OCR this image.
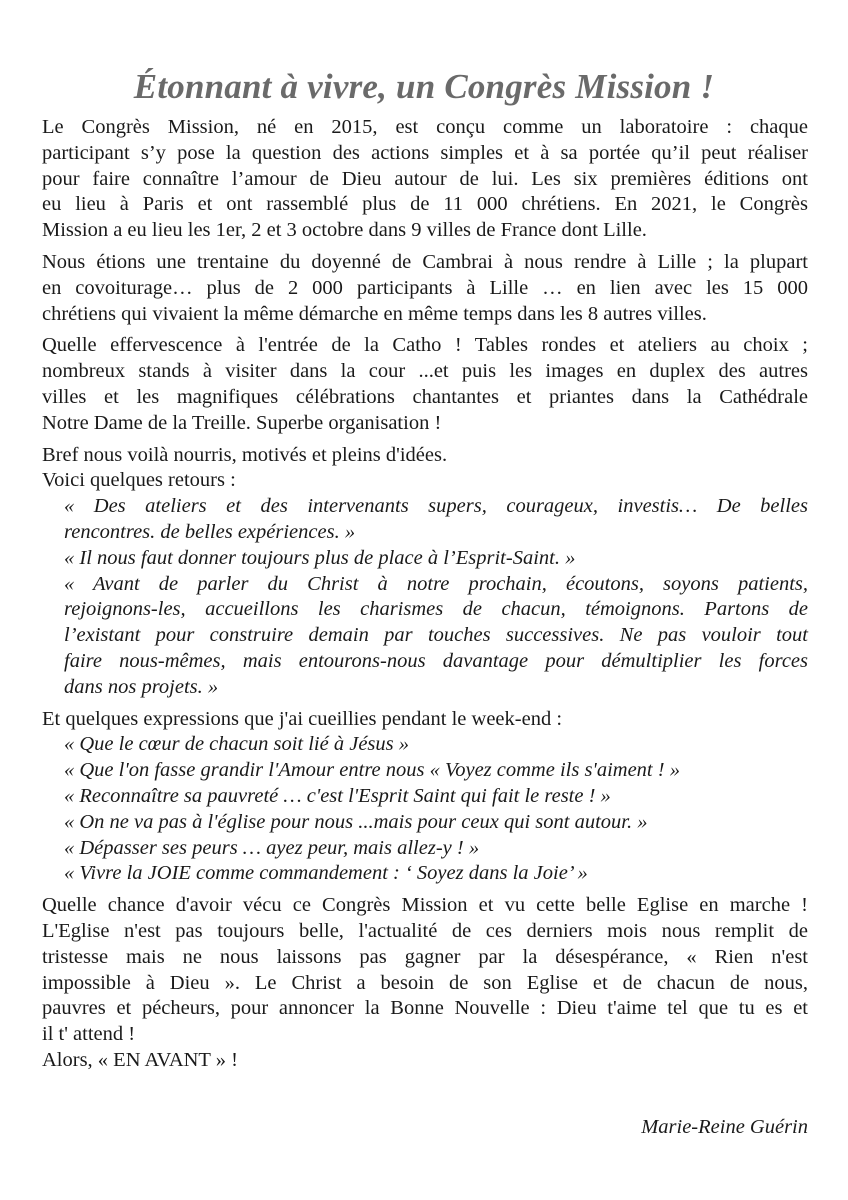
Étonnant à vivre, un Congrès Mission !

Le Congrès Mission, né en 2015, est conçu comme un laboratoire : chaque
participant s’y pose la question des actions simples et à sa portée qu’il peut réaliser
pour faire connaître l’amour de Dieu autour de lui. Les six premières éditions ont
eu lieu à Paris et ont rassemblé plus de 11 000 chrétiens. En 2021, le Congrès
Mission a eu lieu les 1er, 2 et 3 octobre dans 9 villes de France dont Lille.

Nous étions une trentaine du doyenné de Cambrai à nous rendre à Lille ; la plupart
en covoiturage… plus de 2 000 participants à Lille … en lien avec les 15 000
chrétiens qui vivaient la même démarche en même temps dans les 8 autres villes.

Quelle effervescence à l'entrée de la Catho ! Tables rondes et ateliers au choix ;
nombreux stands à visiter dans la cour ...et puis les images en duplex des autres
villes et les magnifiques célébrations chantantes et priantes dans la Cathédrale
Notre Dame de la Treille. Superbe organisation !

Bref nous voilà nourris, motivés et pleins d'idées.
Voici quelques retours :

« Des ateliers et des intervenants supers, courageux, investis… De belles
rencontres. de belles expériences. »
« Il nous faut donner toujours plus de place à l’Esprit-Saint. »
« Avant de parler du Christ à notre prochain, écoutons, soyons patients,
rejoignons-les, accueillons les charismes de chacun, témoignons. Partons de
l’existant pour construire demain par touches successives. Ne pas vouloir tout
faire nous-mêmes, mais entourons-nous davantage pour démultiplier les forces
dans nos projets. »

Et quelques expressions que j'ai cueillies pendant le week-end :

« Que le cœur de chacun soit lié à Jésus »
« Que l'on fasse grandir l'Amour entre nous « Voyez comme ils s'aiment ! »
« Reconnaître sa pauvreté … c'est l'Esprit Saint qui fait le reste ! »
« On ne va pas à l'église pour nous ...mais pour ceux qui sont autour. »
« Dépasser ses peurs … ayez peur, mais allez-y ! »
« Vivre la JOIE comme commandement : ‘ Soyez dans la Joie’ »

Quelle chance d'avoir vécu ce Congrès Mission et vu cette belle Eglise en marche !
L'Eglise n'est pas toujours belle, l'actualité de ces derniers mois nous remplit de
tristesse mais ne nous laissons pas gagner par la désespérance, « Rien n'est
impossible à Dieu ». Le Christ a besoin de son Eglise et de chacun de nous,
pauvres et pécheurs, pour annoncer la Bonne Nouvelle : Dieu t'aime tel que tu es et
il t' attend !
Alors, « EN AVANT » !

Marie-Reine Guérin
